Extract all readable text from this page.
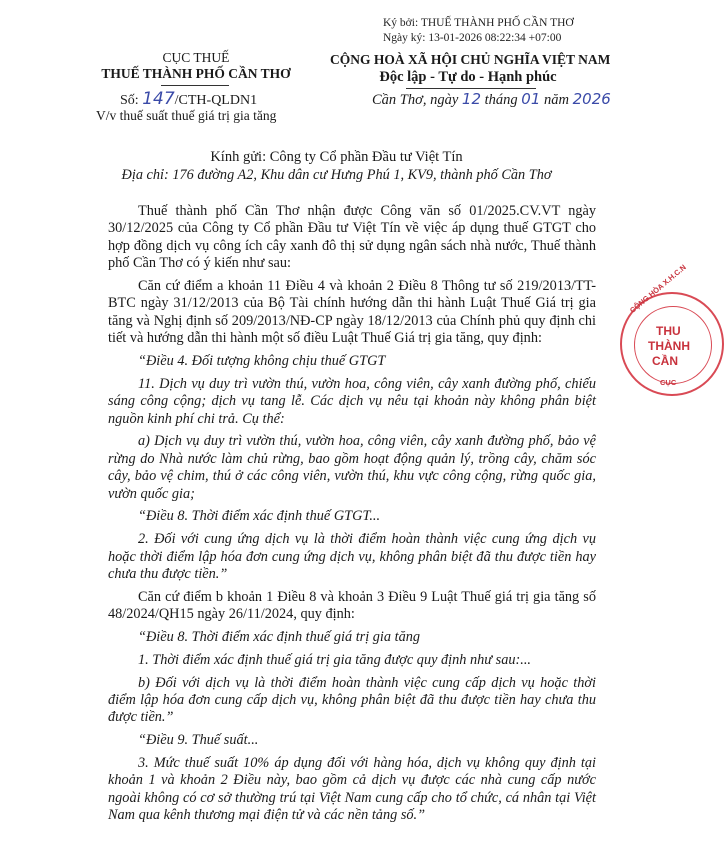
Ký bởi: THUẾ THÀNH PHỐ CẦN THƠ
Ngày ký: 13-01-2026 08:22:34 +07:00
CỤC THUẾ
THUẾ THÀNH PHỐ CẦN THƠ
Số: 147/CTH-QLDN1
V/v thuế suất thuế giá trị gia tăng
CỘNG HOÀ XÃ HỘI CHỦ NGHĨA VIỆT NAM
Độc lập - Tự do - Hạnh phúc
Cần Thơ, ngày 12 tháng 01 năm 2026
Kính gửi: Công ty Cổ phần Đầu tư Việt Tín
Địa chỉ: 176 đường A2, Khu dân cư Hưng Phú 1, KV9, thành phố Cần Thơ

Thuế thành phố Cần Thơ nhận được Công văn số 01/2025.CV.VT ngày 30/12/2025 của Công ty Cổ phần Đầu tư Việt Tín về việc áp dụng thuế GTGT cho hợp đồng dịch vụ công ích cây xanh đô thị sử dụng ngân sách nhà nước, Thuế thành phố Cần Thơ có ý kiến như sau:

Căn cứ điểm a khoản 11 Điều 4 và khoản 2 Điều 8 Thông tư số 219/2013/TT-BTC ngày 31/12/2013 của Bộ Tài chính hướng dẫn thi hành Luật Thuế Giá trị gia tăng và Nghị định số 209/2013/NĐ-CP ngày 18/12/2013 của Chính phủ quy định chi tiết và hướng dẫn thi hành một số điều Luật Thuế Giá trị gia tăng, quy định:

“Điều 4. Đối tượng không chịu thuế GTGT

11. Dịch vụ duy trì vườn thú, vườn hoa, công viên, cây xanh đường phố, chiếu sáng công cộng; dịch vụ tang lễ. Các dịch vụ nêu tại khoản này không phân biệt nguồn kinh phí chi trả. Cụ thể:

a) Dịch vụ duy trì vườn thú, vườn hoa, công viên, cây xanh đường phố, bảo vệ rừng do Nhà nước làm chủ rừng, bao gồm hoạt động quản lý, trồng cây, chăm sóc cây, bảo vệ chim, thú ở các công viên, vườn thú, khu vực công cộng, rừng quốc gia, vườn quốc gia;

“Điều 8. Thời điểm xác định thuế GTGT...

2. Đối với cung ứng dịch vụ là thời điểm hoàn thành việc cung ứng dịch vụ hoặc thời điểm lập hóa đơn cung ứng dịch vụ, không phân biệt đã thu được tiền hay chưa thu được tiền.”

Căn cứ điểm b khoản 1 Điều 8 và khoản 3 Điều 9 Luật Thuế giá trị gia tăng số 48/2024/QH15 ngày 26/11/2024, quy định:

“Điều 8. Thời điểm xác định thuế giá trị gia tăng

1. Thời điểm xác định thuế giá trị gia tăng được quy định như sau:...

b) Đối với dịch vụ là thời điểm hoàn thành việc cung cấp dịch vụ hoặc thời điểm lập hóa đơn cung cấp dịch vụ, không phân biệt đã thu được tiền hay chưa thu được tiền.”

“Điều 9. Thuế suất...

3. Mức thuế suất 10% áp dụng đối với hàng hóa, dịch vụ không quy định tại khoản 1 và khoản 2 Điều này, bao gồm cả dịch vụ được các nhà cung cấp nước ngoài không có cơ sở thường trú tại Việt Nam cung cấp cho tổ chức, cá nhân tại Việt Nam qua kênh thương mại điện tử và các nền tảng số.”

CỘNG HÒA X.H.C.N
THU
THÀNH
CẦN
CỤC
